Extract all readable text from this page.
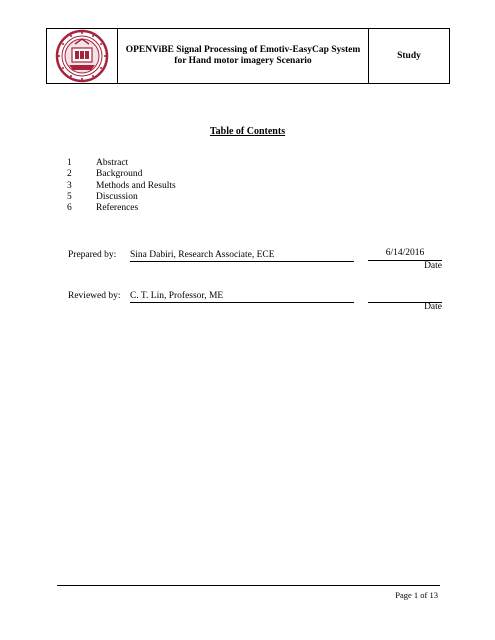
OPENViBE Signal Processing of Emotiv-EasyCap System for Hand motor imagery Scenario	Study
Table of Contents
1	Abstract
2	Background
3	Methods and Results
5	Discussion
6	References
Prepared by: Sina Dabiri, Research Associate, ECE	6/14/2016
Date
Reviewed by: C. T. Lin, Professor, ME
Date
Page 1 of 13
